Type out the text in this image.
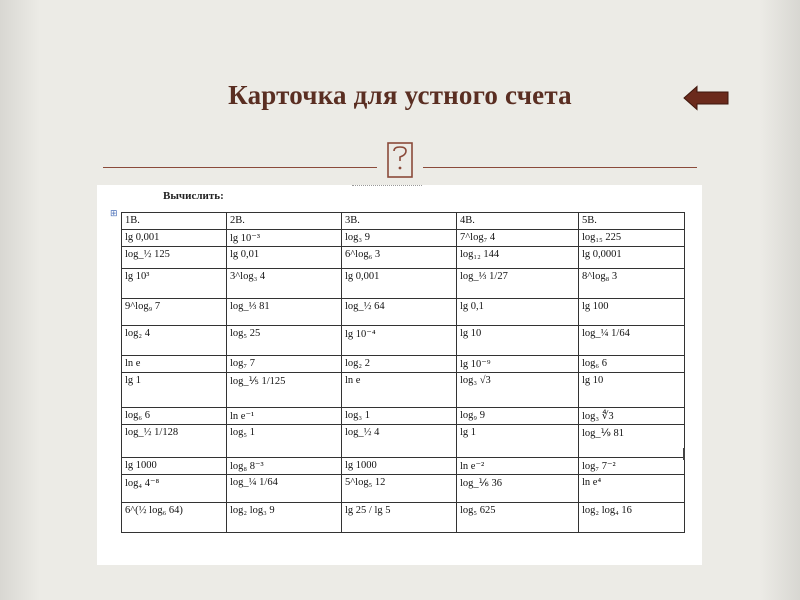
Карточка для устного счета
Вычислить:
⊞
1В.	2В.	3В.	4В.	5В.
lg 0,001	lg 10⁻³	log₃ 9	7^log₇ 4	log₁₅ 225
log_½ 125	lg 0,01	6^log₆ 3	log₁₂ 144	lg 0,0001
lg 10³	3^log₃ 4	lg 0,001	log_⅓ 1/27	8^log₈ 3
9^log₉ 7	log_⅓ 81	log_½ 64	lg 0,1	lg 100
log₂ 4	log₅ 25	lg 10⁻⁴	lg 10	log_¼ 1/64
ln e	log₇ 7	log₂ 2	lg 10⁻⁹	log₆ 6
lg 1	log_⅕ 1/125	ln e	log₃ √3	lg 10
log₆ 6	ln e⁻¹	log₃ 1	log₉ 9	log₃ ∜3
log_½ 1/128	log₅ 1	log_½ 4	lg 1	log_⅑ 81
lg 1000	log₈ 8⁻³	lg 1000	ln e⁻²	log₇ 7⁻²
log₄ 4⁻⁸	log_¼ 1/64	5^log₅ 12	log_⅙ 36	ln e⁴
6^(½ log₆ 64)	log₂ log₃ 9	lg 25 / lg 5	log₅ 625	log₂ log₄ 16
